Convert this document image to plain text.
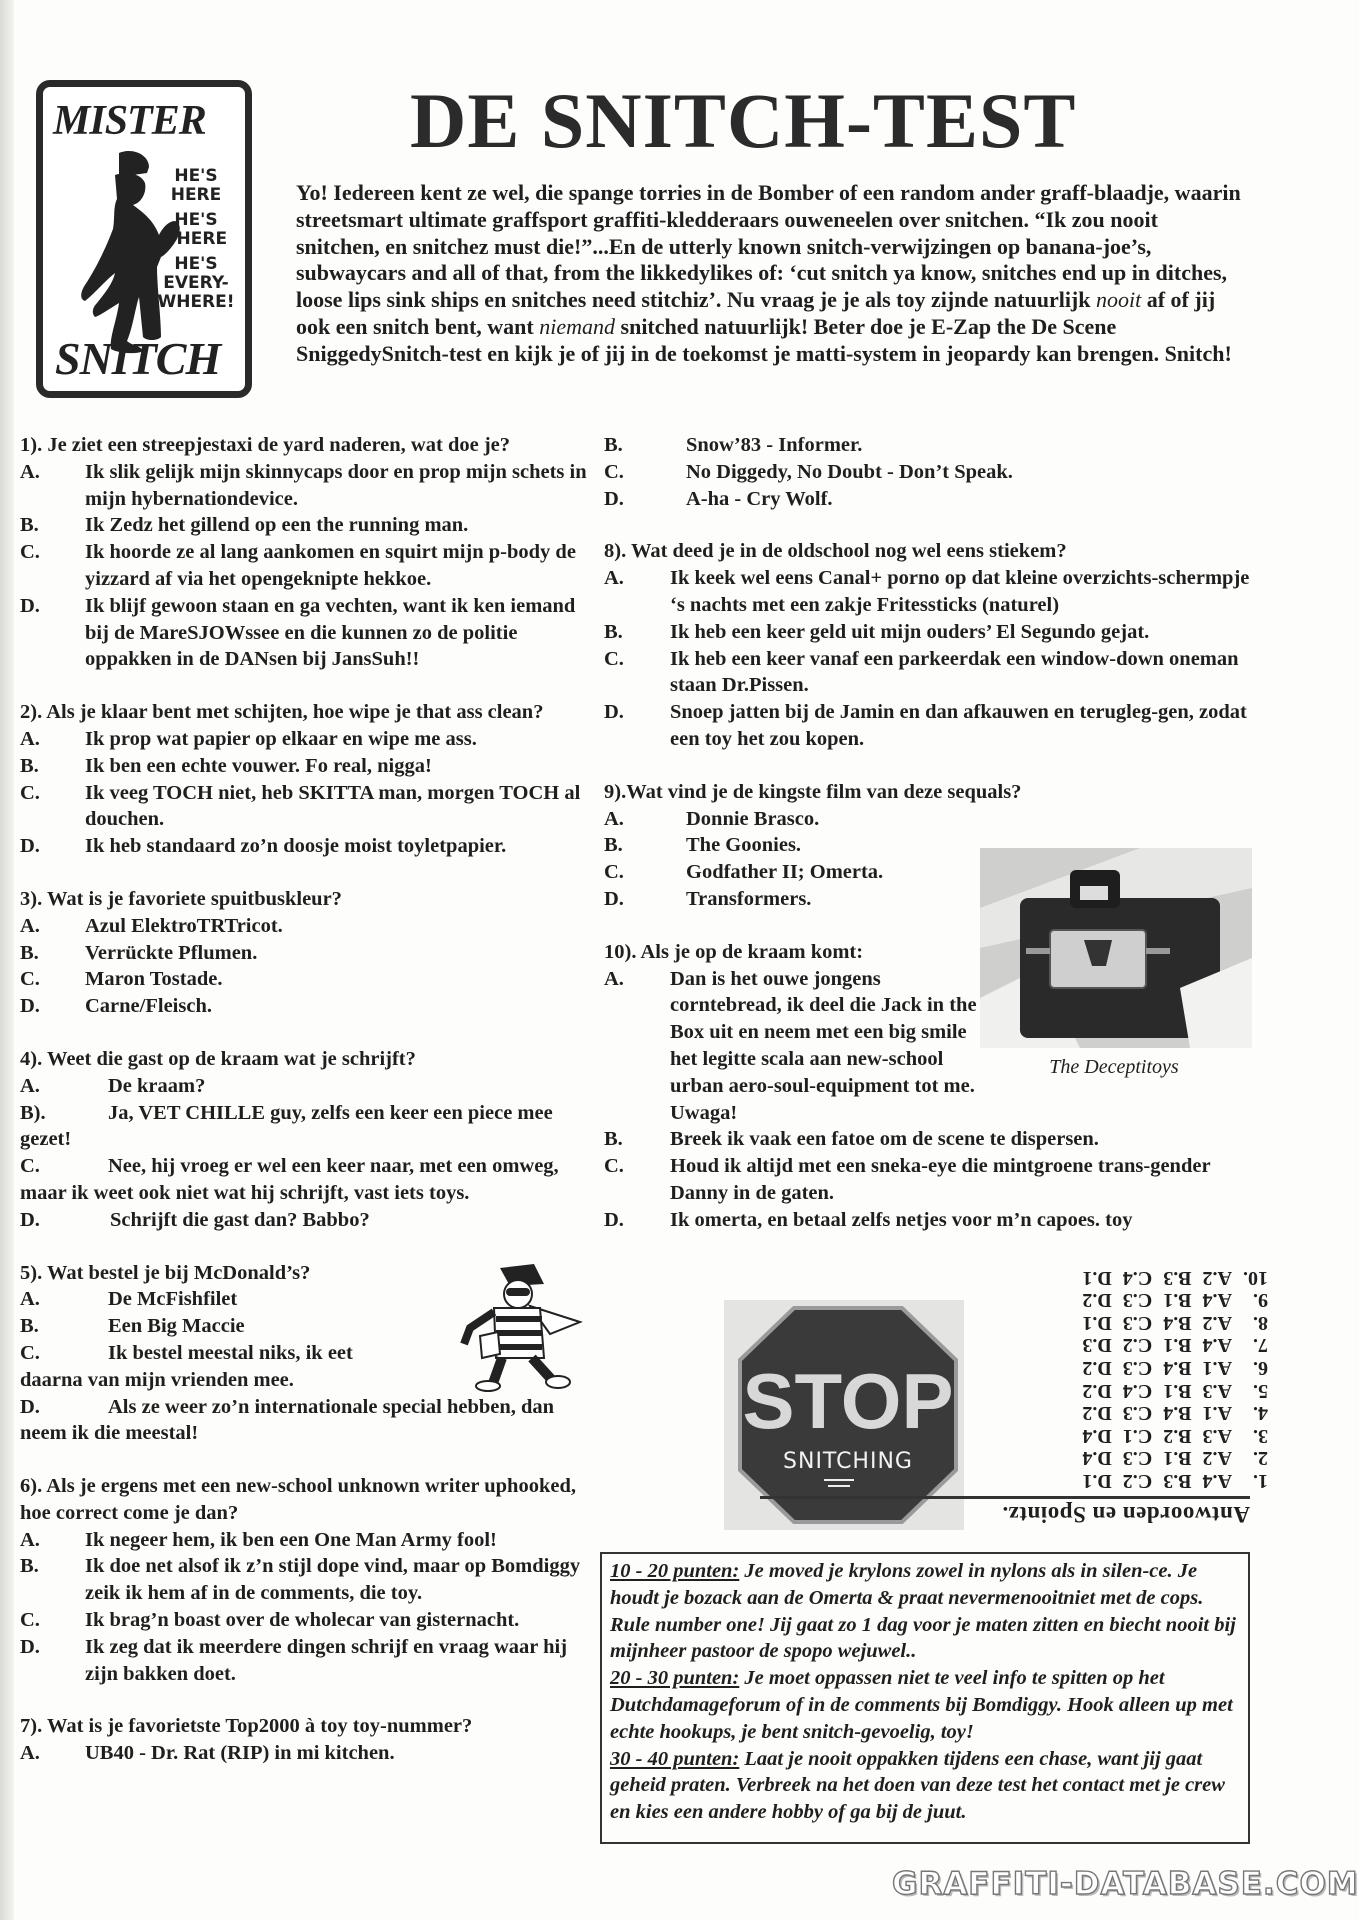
MISTER
HE'S
HERE
HE'S
THERE
HE'S
EVERY-
WHERE!
SNITCH
DE SNITCH-TEST

Yo! Iedereen kent ze wel, die spange torries in de Bomber of een random ander graff-blaadje, waarin streetsmart ultimate graffsport graffiti-kledderaars ouweneelen over snitchen. “Ik zou nooit snitchen, en snitchez must die!”...En de utterly known snitch-verwijzingen op banana-joe’s, subwaycars and all of that, from the likkedylikes of: ‘cut snitch ya know, snitches end up in ditches, loose lips sink ships en snitches need stitchiz’. Nu vraag je je als toy zijnde natuurlijk nooit af of jij ook een snitch bent, want niemand snitched natuurlijk! Beter doe je E-Zap the De Scene SniggedySnitch-test en kijk je of jij in de toekomst je matti-system in jeopardy kan brengen. Snitch!

1). Je ziet een streepjestaxi de yard naderen, wat doe je?
A.	Ik slik gelijk mijn skinnycaps door en prop mijn schets in mijn hybernationdevice.
B.	Ik Zedz het gillend op een the running man.
C.	Ik hoorde ze al lang aankomen en squirt mijn p-body de yizzard af via het opengeknipte hekkoe.
D.	Ik blijf gewoon staan en ga vechten, want ik ken iemand bij de MareSJOWssee en die kunnen zo de politie oppakken in de DANsen bij JansSuh!!
2). Als je klaar bent met schijten, hoe wipe je that ass clean?
A.	Ik prop wat papier op elkaar en wipe me ass.
B.	Ik ben een echte vouwer. Fo real, nigga!
C.	Ik veeg TOCH niet, heb SKITTA man, morgen TOCH al douchen.
D.	Ik heb standaard zo’n doosje moist toyletpapier.
3). Wat is je favoriete spuitbuskleur?
A.	Azul ElektroTRTricot.
B.	Verrückte Pflumen.
C.	Maron Tostade.
D.	Carne/Fleisch.
4). Weet die gast op de kraam wat je schrijft?
A.	De kraam?
B).	Ja, VET CHILLE guy, zelfs een keer een piece mee gezet!
C.	Nee, hij vroeg er wel een keer naar, met een omweg, maar ik weet ook niet wat hij schrijft, vast iets toys.
D.	Schrijft die gast dan? Babbo?
5). Wat bestel je bij McDonald’s?
A.	De McFishfilet
B.	Een Big Maccie
C.	Ik bestel meestal niks, ik eet daarna van mijn vrienden mee.
D.	Als ze weer zo’n internationale special hebben, dan neem ik die meestal!
6). Als je ergens met een new-school unknown writer uphooked, hoe correct come je dan?
A.	Ik negeer hem, ik ben een One Man Army fool!
B.	Ik doe net alsof ik z’n stijl dope vind, maar op Bomdiggy zeik ik hem af in de comments, die toy.
C.	Ik brag’n boast over de wholecar van gisternacht.
D.	Ik zeg dat ik meerdere dingen schrijf en vraag waar hij zijn bakken doet.
7). Wat is je favorietste Top2000 à toy toy-nummer?
A.	UB40 - Dr. Rat (RIP) in mi kitchen.
B.	Snow’83 - Informer.
C.	No Diggedy, No Doubt - Don’t Speak.
D.	A-ha - Cry Wolf.
8). Wat deed je in de oldschool nog wel eens stiekem?
A.	Ik keek wel eens Canal+ porno op dat kleine overzichts-schermpje ‘s nachts met een zakje Fritessticks (naturel)
B.	Ik heb een keer geld uit mijn ouders’ El Segundo gejat.
C.	Ik heb een keer vanaf een parkeerdak een window-down oneman staan Dr.Pissen.
D.	Snoep jatten bij de Jamin en dan afkauwen en terugleg-gen, zodat een toy het zou kopen.
9).Wat vind je de kingste film van deze sequals?
A.	Donnie Brasco.
B.	The Goonies.
C.	Godfather II; Omerta.
D.	Transformers.
10). Als je op de kraam komt:
A.	Dan is het ouwe jongens corntebread, ik deel die Jack in the Box uit en neem met een big smile het legitte scala aan new-school urban aero-soul-equipment tot me. Uwaga!
B.	Breek ik vaak een fatoe om de scene te dispersen.
C.	Houd ik altijd met een sneka-eye die mintgroene trans-gender Danny in de gaten.
D.	Ik omerta, en betaal zelfs netjes voor m’n capoes. toy
The Deceptitoys
STOP
SNITCHING
1.
A.4 B.3 C.2 D.1
2.
A.2 B.1 C.3 D.4
3.
A.3 B.2 C.1 D.4
4.
A.1 B.4 C.3 D.2
5.
A.3 B.1 C.4 D.2
6.
A.1 B.4 C.3 D.2
7.
A.4 B.1 C.2 D.3
8.
A.2 B.4 C.3 D.1
9.
A.4 B.1 C.3 D.2
10.
A.2 B.3 C.4 D.1
Antwoorden en Spointz.
10 - 20 punten: Je moved je krylons zowel in nylons als in silen-ce. Je houdt je bozack aan de Omerta & praat nevermenooitniet met de cops. Rule number one! Jij gaat zo 1 dag voor je maten zitten en biecht nooit bij mijnheer pastoor de spopo wejuwel..
20 - 30 punten: Je moet oppassen niet te veel info te spitten op het Dutchdamageforum of in de comments bij Bomdiggy. Hook alleen up met echte hookups, je bent snitch-gevoelig, toy!
30 - 40 punten: Laat je nooit oppakken tijdens een chase, want jij gaat geheid praten. Verbreek na het doen van deze test het contact met je crew en kies een andere hobby of ga bij de juut.
GRAFFITI-DATABASE.COM
